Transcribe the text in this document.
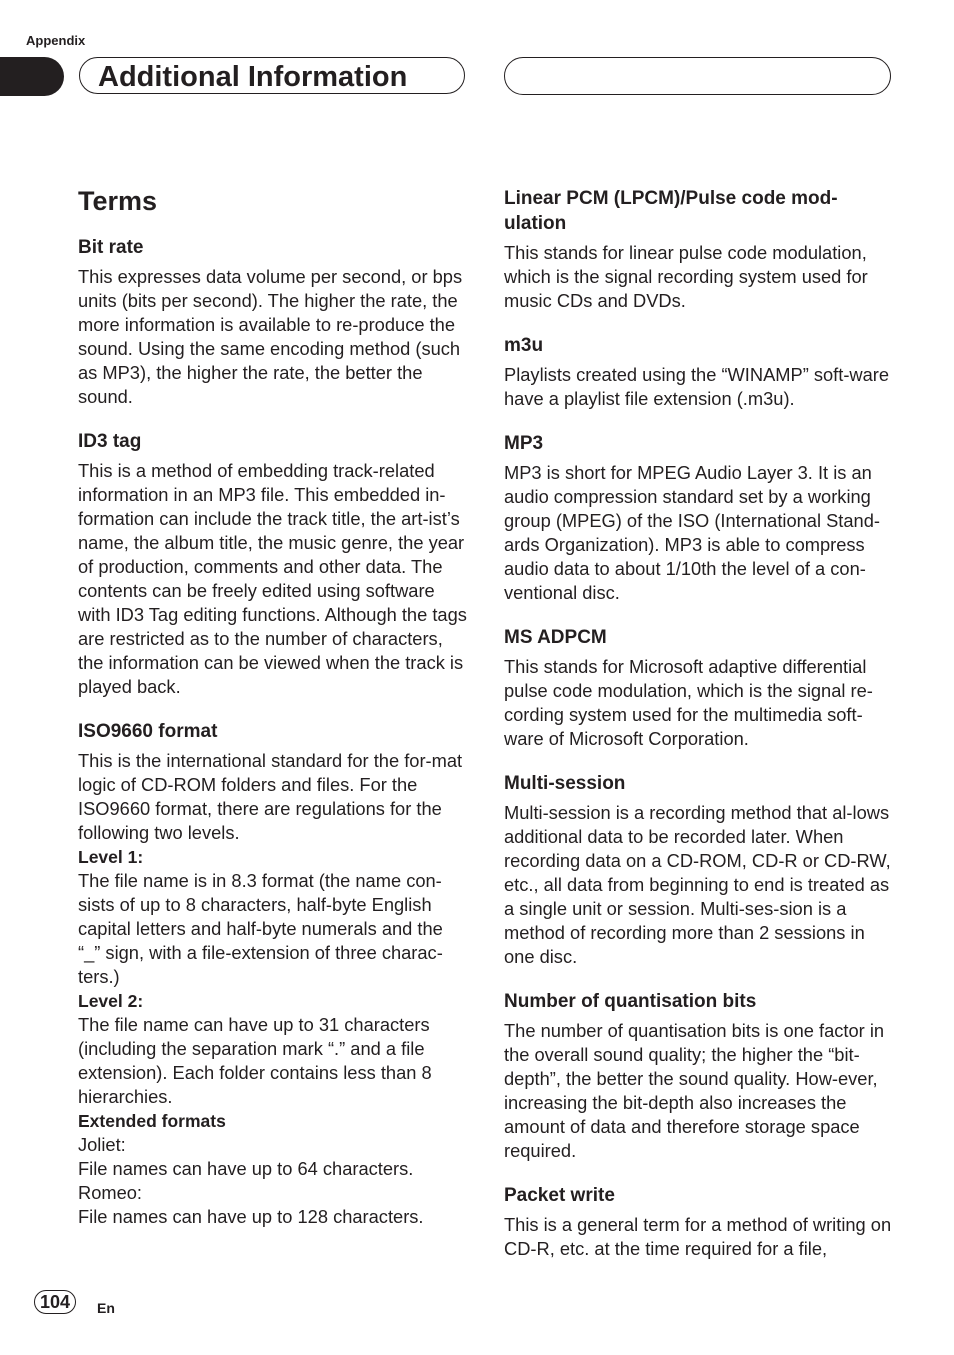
Appendix
Additional Information
Terms
Bit rate

This expresses data volume per second, or bps units (bits per second). The higher the rate, the more information is available to re-produce the sound. Using the same encoding method (such as MP3), the higher the rate, the better the sound.

ID3 tag

This is a method of embedding track-related information in an MP3 file. This embedded in-formation can include the track title, the art-ist’s name, the album title, the music genre, the year of production, comments and other data. The contents can be freely edited using software with ID3 Tag editing functions. Although the tags are restricted as to the number of characters, the information can be viewed when the track is played back.

ISO9660 format

This is the international standard for the for-mat logic of CD-ROM folders and files. For the ISO9660 format, there are regulations for the following two levels.

Level 1:

The file name is in 8.3 format (the name con-sists of up to 8 characters, half-byte English capital letters and half-byte numerals and the “_” sign, with a file-extension of three charac-ters.)

Level 2:

The file name can have up to 31 characters (including the separation mark “.” and a file extension). Each folder contains less than 8 hierarchies.

Extended formats

Joliet:

File names can have up to 64 characters.

Romeo:

File names can have up to 128 characters.

Linear PCM (LPCM)/Pulse code mod-ulation

This stands for linear pulse code modulation, which is the signal recording system used for music CDs and DVDs.

m3u

Playlists created using the “WINAMP” soft-ware have a playlist file extension (.m3u).

MP3

MP3 is short for MPEG Audio Layer 3. It is an audio compression standard set by a working group (MPEG) of the ISO (International Stand-ards Organization). MP3 is able to compress audio data to about 1/10th the level of a con-ventional disc.

MS ADPCM

This stands for Microsoft adaptive differential pulse code modulation, which is the signal re-cording system used for the multimedia soft-ware of Microsoft Corporation.

Multi-session

Multi-session is a recording method that al-lows additional data to be recorded later. When recording data on a CD-ROM, CD-R or CD-RW, etc., all data from beginning to end is treated as a single unit or session. Multi-ses-sion is a method of recording more than 2 sessions in one disc.

Number of quantisation bits

The number of quantisation bits is one factor in the overall sound quality; the higher the “bit-depth”, the better the sound quality. How-ever, increasing the bit-depth also increases the amount of data and therefore storage space required.

Packet write

This is a general term for a method of writing on CD-R, etc. at the time required for a file,

104	En
